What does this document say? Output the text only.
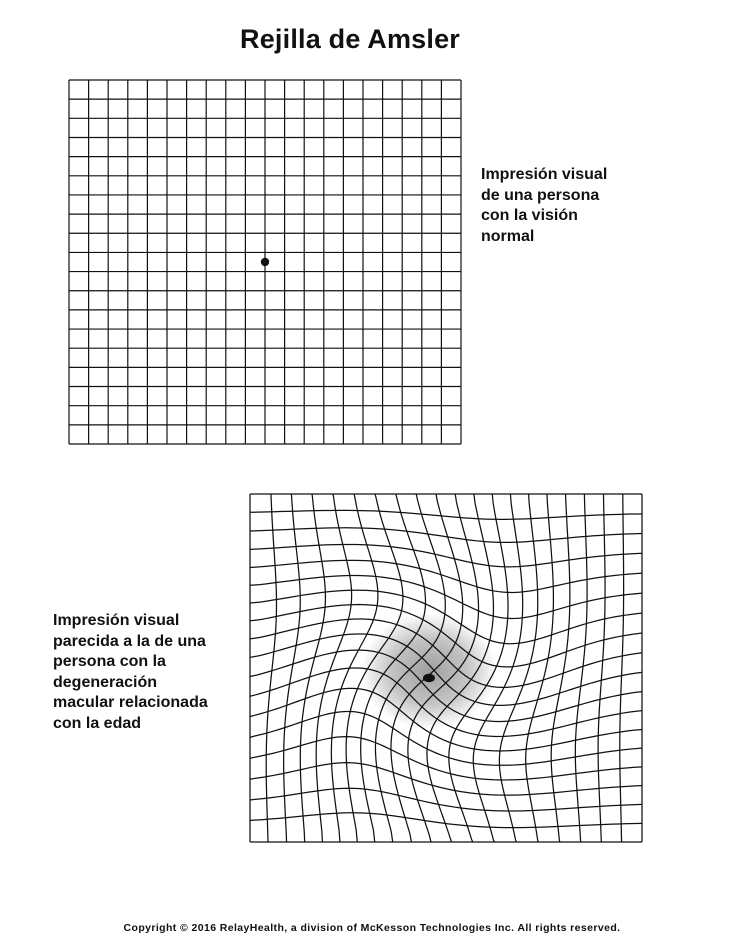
Rejilla de Amsler
Impresión visual
de una persona
con la visión
normal
Impresión visual
parecida a la de una
persona con la
degeneración
macular relacionada
con la edad
Copyright © 2016 RelayHealth, a division of McKesson Technologies Inc. All rights reserved.
